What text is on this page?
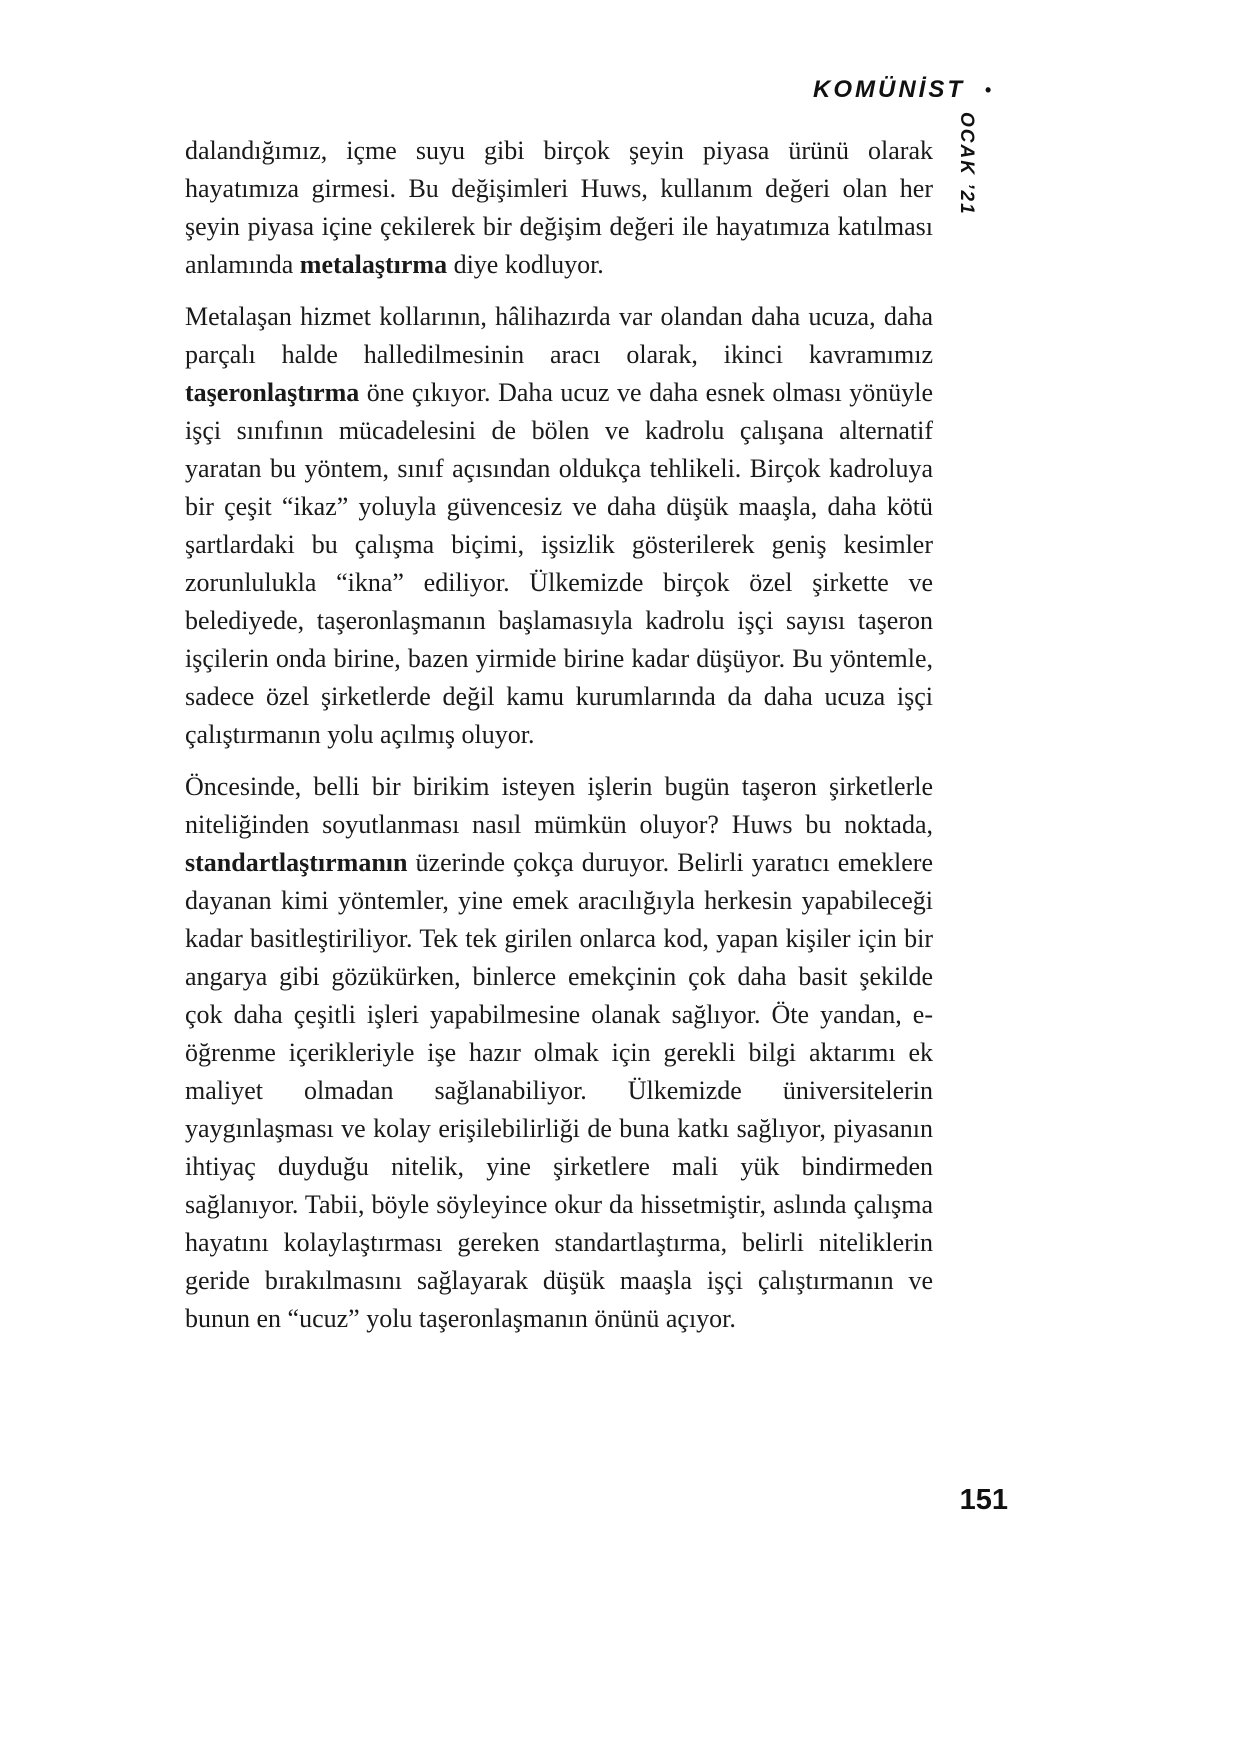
KOMÜNİST •
OCAK ’21

dalandığımız, içme suyu gibi birçok şeyin piyasa ürünü olarak hayatımıza girmesi. Bu değişimleri Huws, kullanım değeri olan her şeyin piyasa içine çekilerek bir değişim değeri ile hayatımıza katılması anlamında metalaştırma diye kodluyor.

Metalaşan hizmet kollarının, hâlihazırda var olandan daha ucuza, daha parçalı halde halledilmesinin aracı olarak, ikinci kavramımız taşeronlaştırma öne çıkıyor. Daha ucuz ve daha esnek olması yönüyle işçi sınıfının mücadelesini de bölen ve kadrolu çalışana alternatif yaratan bu yöntem, sınıf açısından oldukça tehlikeli. Birçok kadroluya bir çeşit “ikaz” yoluyla güvencesiz ve daha düşük maaşla, daha kötü şartlardaki bu çalışma biçimi, işsizlik gösterilerek geniş kesimler zorunlulukla “ikna” ediliyor. Ülkemizde birçok özel şirkette ve belediyede, taşeronlaşmanın başlamasıyla kadrolu işçi sayısı taşeron işçilerin onda birine, bazen yirmide birine kadar düşüyor. Bu yöntemle, sadece özel şirketlerde değil kamu kurumlarında da daha ucuza işçi çalıştırmanın yolu açılmış oluyor.

Öncesinde, belli bir birikim isteyen işlerin bugün taşeron şirketlerle niteliğinden soyutlanması nasıl mümkün oluyor? Huws bu noktada, standartlaştırmanın üzerinde çokça duruyor. Belirli yaratıcı emeklere dayanan kimi yöntemler, yine emek aracılığıyla herkesin yapabileceği kadar basitleştiriliyor. Tek tek girilen onlarca kod, yapan kişiler için bir angarya gibi gözükürken, binlerce emekçinin çok daha basit şekilde çok daha çeşitli işleri yapabilmesine olanak sağlıyor. Öte yandan, e-öğrenme içerikleriyle işe hazır olmak için gerekli bilgi aktarımı ek maliyet olmadan sağlanabiliyor. Ülkemizde üniversitelerin yaygınlaşması ve kolay erişilebilirliği de buna katkı sağlıyor, piyasanın ihtiyaç duyduğu nitelik, yine şirketlere mali yük bindirmeden sağlanıyor. Tabii, böyle söyleyince okur da hissetmiştir, aslında çalışma hayatını kolaylaştırması gereken standartlaştırma, belirli niteliklerin geride bırakılmasını sağlayarak düşük maaşla işçi çalıştırmanın ve bunun en “ucuz” yolu taşeronlaşmanın önünü açıyor.

151
